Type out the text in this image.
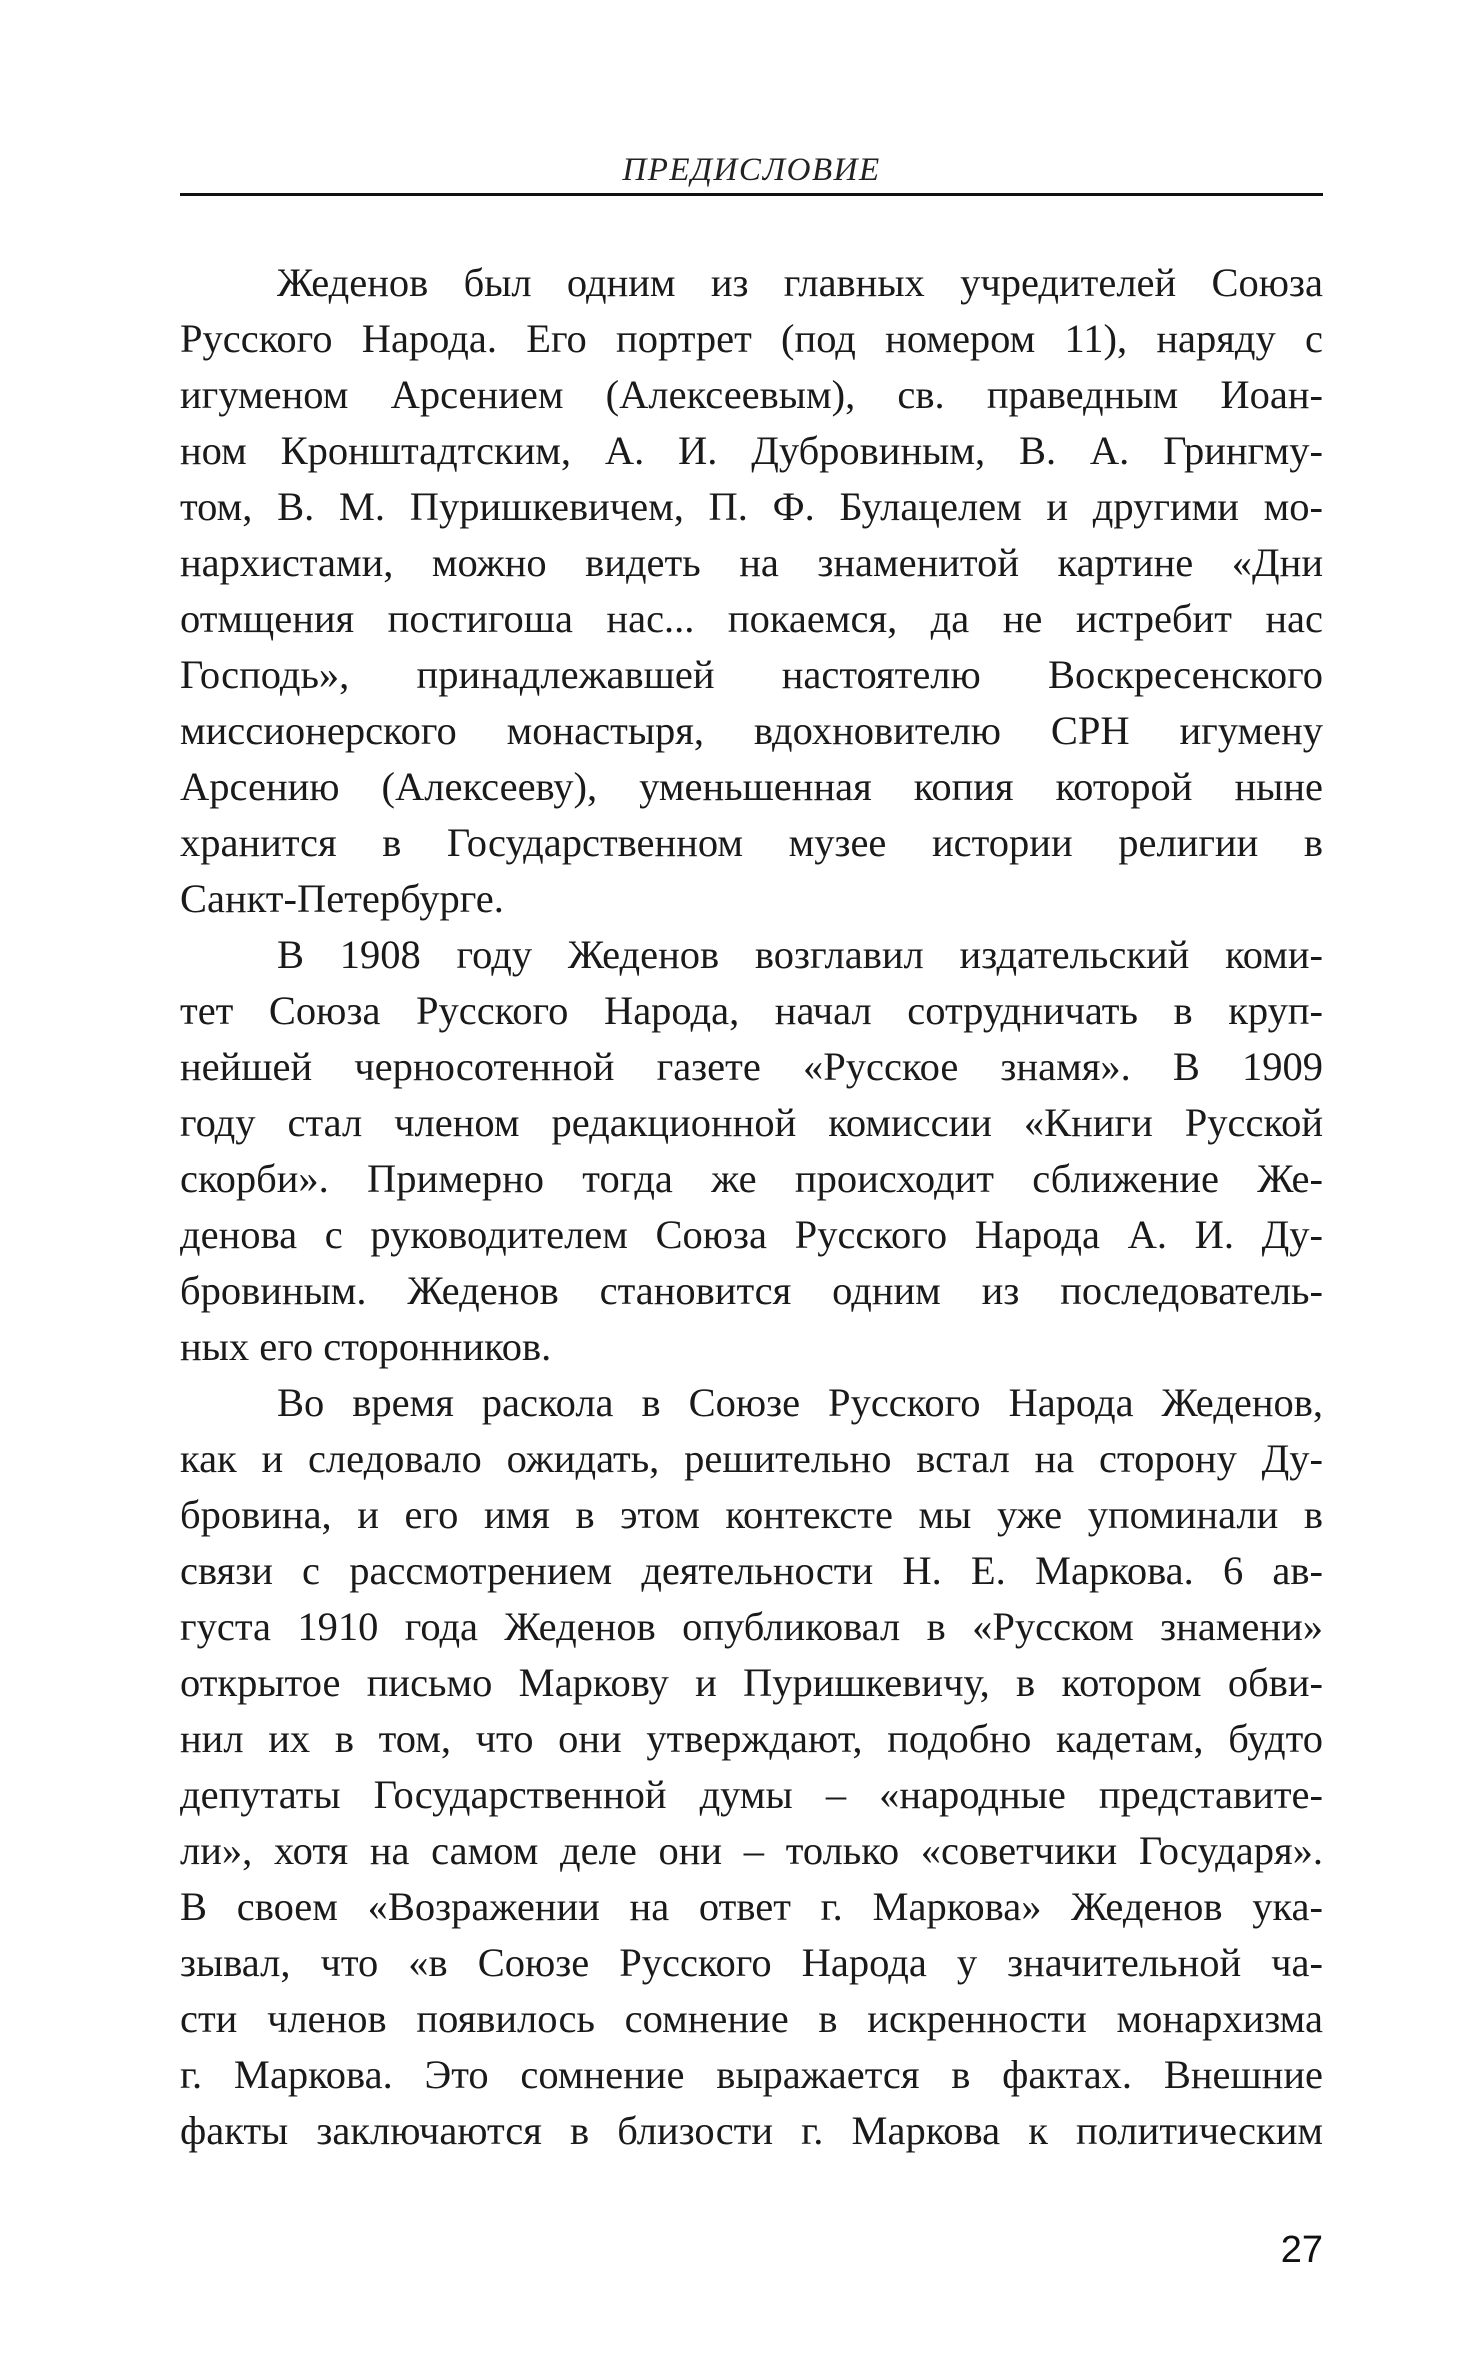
ПРЕДИСЛОВИЕ
Жеденов был одним из главных учредителей Союза
Русского Народа. Его портрет (под номером 11), наряду с
игуменом Арсением (Алексеевым), св. праведным Иоан-
ном Кронштадтским, А. И. Дубровиным, В. А. Грингму-
том, В. М. Пуришкевичем, П. Ф. Булацелем и другими мо-
нархистами, можно видеть на знаменитой картине «Дни
отмщения постигоша нас... покаемся, да не истребит нас
Господь», принадлежавшей настоятелю Воскресенского
миссионерского монастыря, вдохновителю СРН игумену
Арсению (Алексееву), уменьшенная копия которой ныне
хранится в Государственном музее истории религии в
Санкт-Петербурге.
В 1908 году Жеденов возглавил издательский коми-
тет Союза Русского Народа, начал сотрудничать в круп-
нейшей черносотенной газете «Русское знамя». В 1909
году стал членом редакционной комиссии «Книги Русской
скорби». Примерно тогда же происходит сближение Же-
денова с руководителем Союза Русского Народа А. И. Ду-
бровиным. Жеденов становится одним из последователь-
ных его сторонников.
Во время раскола в Союзе Русского Народа Жеденов,
как и следовало ожидать, решительно встал на сторону Ду-
бровина, и его имя в этом контексте мы уже упоминали в
связи с рассмотрением деятельности Н. Е. Маркова. 6 ав-
густа 1910 года Жеденов опубликовал в «Русском знамени»
открытое письмо Маркову и Пуришкевичу, в котором обви-
нил их в том, что они утверждают, подобно кадетам, будто
депутаты Государственной думы – «народные представите-
ли», хотя на самом деле они – только «советчики Государя».
В своем «Возражении на ответ г. Маркова» Жеденов ука-
зывал, что «в Союзе Русского Народа у значительной ча-
сти членов появилось сомнение в искренности монархизма
г. Маркова. Это сомнение выражается в фактах. Внешние
факты заключаются в близости г. Маркова к политическим
27
